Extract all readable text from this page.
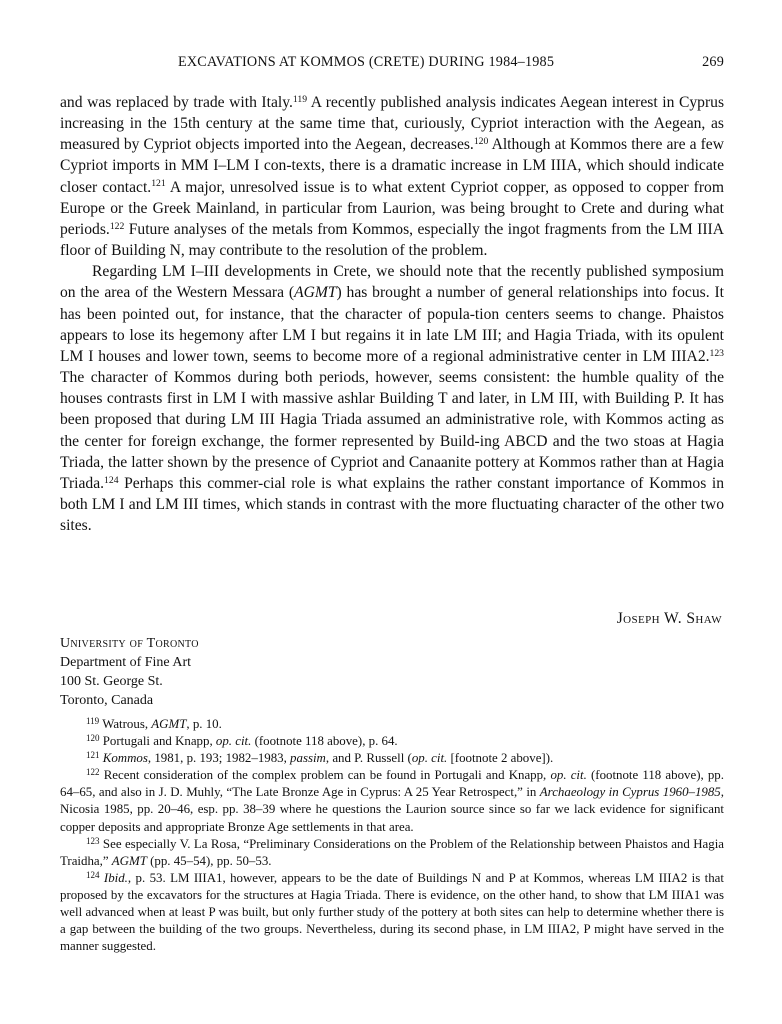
EXCAVATIONS AT KOMMOS (CRETE) DURING 1984–1985	269

and was replaced by trade with Italy.$^{119}$ A recently published analysis indicates Aegean interest in Cyprus increasing in the 15th century at the same time that, curiously, Cypriot interaction with the Aegean, as measured by Cypriot objects imported into the Aegean, decreases.$^{120}$ Although at Kommos there are a few Cypriot imports in MM I–LM I con-texts, there is a dramatic increase in LM IIIA, which should indicate closer contact.$^{121}$ A major, unresolved issue is to what extent Cypriot copper, as opposed to copper from Europe or the Greek Mainland, in particular from Laurion, was being brought to Crete and during what periods.$^{122}$ Future analyses of the metals from Kommos, especially the ingot fragments from the LM IIIA floor of Building N, may contribute to the resolution of the problem.

Regarding LM I–III developments in Crete, we should note that the recently published symposium on the area of the Western Messara (AGMT) has brought a number of general relationships into focus. It has been pointed out, for instance, that the character of popula-tion centers seems to change. Phaistos appears to lose its hegemony after LM I but regains it in late LM III; and Hagia Triada, with its opulent LM I houses and lower town, seems to become more of a regional administrative center in LM IIIA2.$^{123}$ The character of Kommos during both periods, however, seems consistent: the humble quality of the houses contrasts first in LM I with massive ashlar Building T and later, in LM III, with Building P. It has been proposed that during LM III Hagia Triada assumed an administrative role, with Kommos acting as the center for foreign exchange, the former represented by Build-ing ABCD and the two stoas at Hagia Triada, the latter shown by the presence of Cypriot and Canaanite pottery at Kommos rather than at Hagia Triada.$^{124}$ Perhaps this commer-cial role is what explains the rather constant importance of Kommos in both LM I and LM III times, which stands in contrast with the more fluctuating character of the other two sites.

Joseph W. Shaw
University of Toronto
Department of Fine Art
100 St. George St.
Toronto, Canada

$^{119}$ Watrous, AGMT, p. 10.

$^{120}$ Portugali and Knapp, op. cit. (footnote 118 above), p. 64.

$^{121}$ Kommos, 1981, p. 193; 1982–1983, passim, and P. Russell (op. cit. [footnote 2 above]).

$^{122}$ Recent consideration of the complex problem can be found in Portugali and Knapp, op. cit. (footnote 118 above), pp. 64–65, and also in J. D. Muhly, “The Late Bronze Age in Cyprus: A 25 Year Retrospect,” in Archaeology in Cyprus 1960–1985, Nicosia 1985, pp. 20–46, esp. pp. 38–39 where he questions the Laurion source since so far we lack evidence for significant copper deposits and appropriate Bronze Age settlements in that area.

$^{123}$ See especially V. La Rosa, “Preliminary Considerations on the Problem of the Relationship between Phaistos and Hagia Traidha,” AGMT (pp. 45–54), pp. 50–53.

$^{124}$ Ibid., p. 53. LM IIIA1, however, appears to be the date of Buildings N and P at Kommos, whereas LM IIIA2 is that proposed by the excavators for the structures at Hagia Triada. There is evidence, on the other hand, to show that LM IIIA1 was well advanced when at least P was built, but only further study of the pottery at both sites can help to determine whether there is a gap between the building of the two groups. Nevertheless, during its second phase, in LM IIIA2, P might have served in the manner suggested.
